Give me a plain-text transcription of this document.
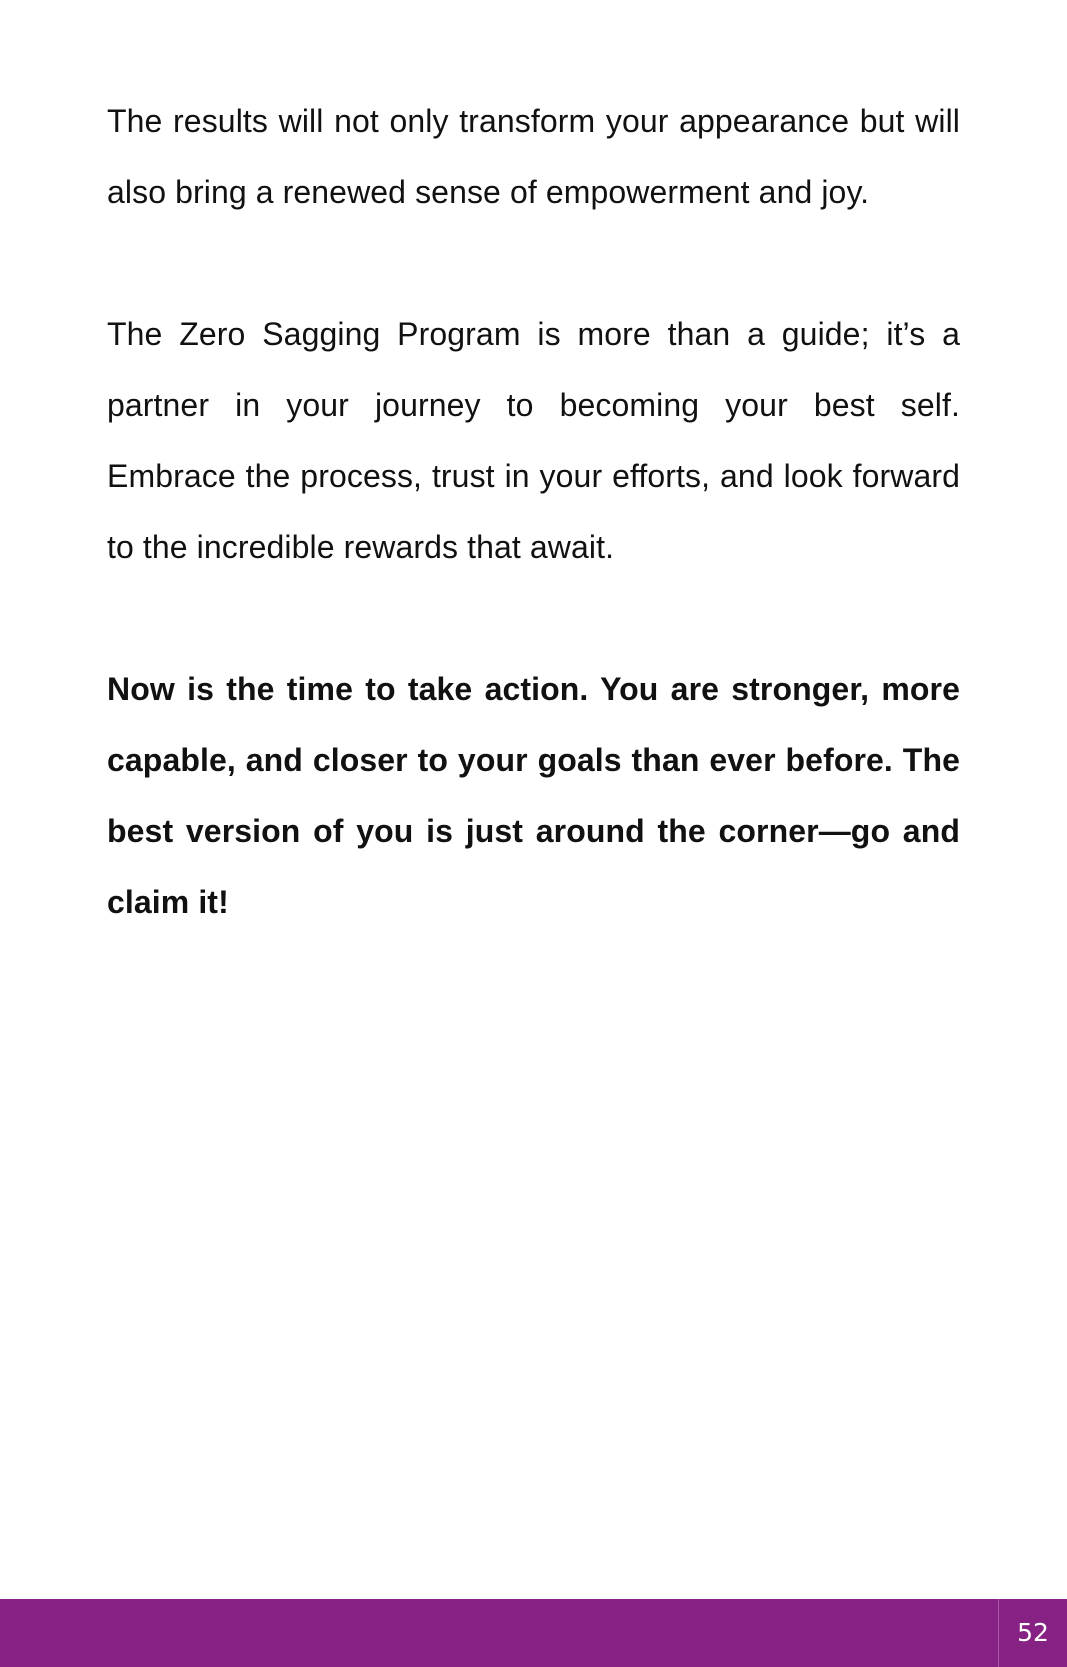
The results will not only transform your appearance but will also bring a renewed sense of empowerment and joy.

The Zero Sagging Program is more than a guide; it’s a partner in your journey to becoming your best self. Embrace the process, trust in your efforts, and look forward to the incredible rewards that await.

Now is the time to take action. You are stronger, more capable, and closer to your goals than ever before. The best version of you is just around the corner—go and claim it!

52
